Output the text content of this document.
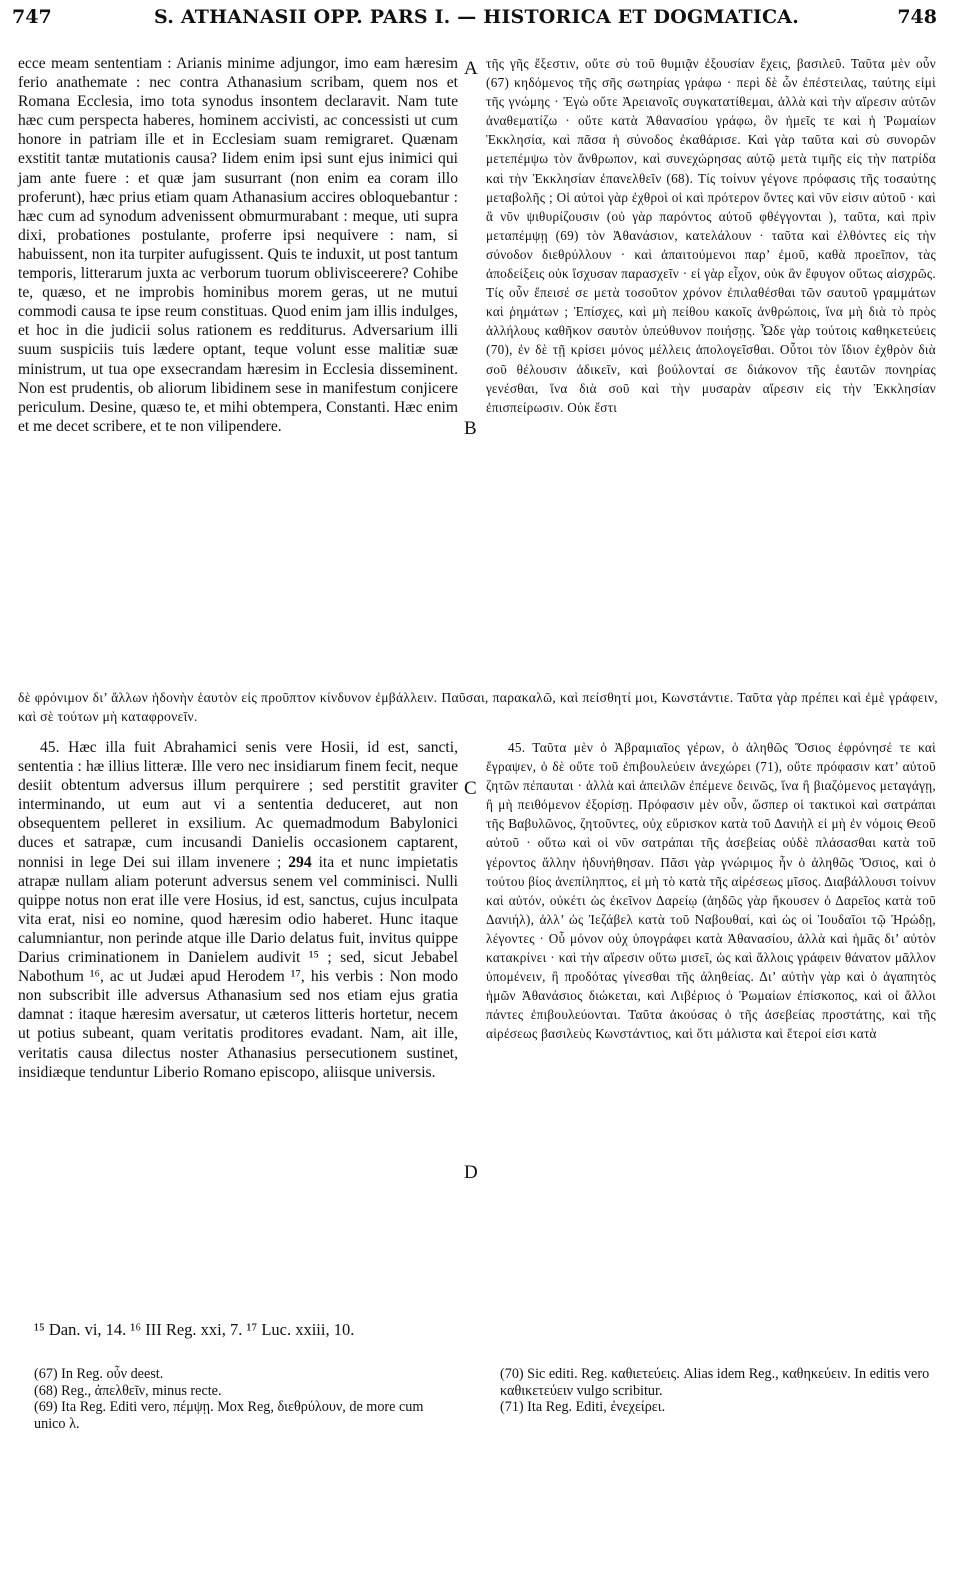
747	S. ATHANASII OPP. PARS I. — HISTORICA ET DOGMATICA.	748
A
B
C
D

ecce meam sententiam : Arianis minime adjungor, imo eam hæresim ferio anathemate : nec contra Athanasium scribam, quem nos et Romana Ecclesia, imo tota synodus insontem declaravit. Nam tute hæc cum perspecta haberes, hominem accivisti, ac concessisti ut cum honore in patriam ille et in Ecclesiam suam remigraret. Quænam exstitit tantæ mutationis causa? Iidem enim ipsi sunt ejus inimici qui jam ante fuere : et quæ jam susurrant (non enim ea coram illo proferunt), hæc prius etiam quam Athanasium accires obloquebantur : hæc cum ad synodum advenissent obmurmurabant : meque, uti supra dixi, probationes postulante, proferre ipsi nequivere : nam, si habuissent, non ita turpiter aufugissent. Quis te induxit, ut post tantum temporis, litterarum juxta ac verborum tuorum oblivisceerere? Cohibe te, quæso, et ne improbis hominibus morem geras, ut ne mutui commodi causa te ipse reum constituas. Quod enim jam illis indulges, et hoc in die judicii solus rationem es redditurus. Adversarium illi suum suspiciis tuis lædere optant, teque volunt esse malitiæ suæ ministrum, ut tua ope exsecrandam hæresim in Ecclesia disseminent. Non est prudentis, ob aliorum libidinem sese in manifestum conjicere periculum. Desine, quæso te, et mihi obtempera, Constanti. Hæc enim et me decet scribere, et te non vilipendere.

τῆς γῆς ἔξεστιν, οὔτε σὺ τοῦ θυμιᾷν ἐξουσίαν ἔχεις, βασιλεῦ. Ταῦτα μὲν οὖν (67) κηδόμενος τῆς σῆς σωτηρίας γράφω · περὶ δὲ ὧν ἐπέστειλας, ταύτης εἰμὶ τῆς γνώμης · Ἐγὼ οὔτε Ἀρειανοῖς συγκατατίθεμαι, ἀλλὰ καὶ τὴν αἵρεσιν αὐτῶν ἀναθεματίζω · οὔτε κατὰ Ἀθανασίου γράφω, ὃν ἡμεῖς τε καὶ ἡ Ῥωμαίων Ἐκκλησία, καὶ πᾶσα ἡ σύνοδος ἐκαθάρισε. Καὶ γὰρ ταῦτα καὶ σὺ συνορῶν μετεπέμψω τὸν ἄνθρωπον, καὶ συνεχώρησας αὐτῷ μετὰ τιμῆς εἰς τὴν πατρίδα καὶ τὴν Ἐκκλησίαν ἐπανελθεῖν (68). Τίς τοίνυν γέγονε πρόφασις τῆς τοσαύτης μεταβολῆς ; Οἱ αὐτοὶ γὰρ ἐχθροὶ οἱ καὶ πρότερον ὄντες καὶ νῦν εἰσιν αὐτοῦ · καὶ ἃ νῦν ψιθυρίζουσιν (οὐ γὰρ παρόντος αὐτοῦ φθέγγονται ), ταῦτα, καὶ πρὶν μεταπέμψῃ (69) τὸν Ἀθανάσιον, κατελάλουν · ταῦτα καὶ ἐλθόντες εἰς τὴν σύνοδον διεθρύλλουν · καὶ ἀπαιτούμενοι παρ’ ἐμοῦ, καθὰ προεῖπον, τὰς ἀποδείξεις οὐκ ἴσχυσαν παρασχεῖν · εἰ γὰρ εἶχον, οὐκ ἂν ἔφυγον οὕτως αἰσχρῶς. Τίς οὖν ἔπεισέ σε μετὰ τοσοῦτον χρόνον ἐπιλαθέσθαι τῶν σαυτοῦ γραμμάτων καὶ ῥημάτων ; Ἐπίσχες, καὶ μὴ πείθου κακοῖς ἀνθρώποις, ἵνα μὴ διὰ τὸ πρὸς ἀλλήλους καθῆκον σαυτὸν ὑπεύθυνον ποιήσῃς. Ὧδε γὰρ τούτοις καθηκετεύεις (70), ἐν δὲ τῇ κρίσει μόνος μέλλεις ἀπολογεῖσθαι. Οὗτοι τὸν ἴδιον ἐχθρὸν διὰ σοῦ θέλουσιν ἀδικεῖν, καὶ βούλονταί σε διάκονον τῆς ἑαυτῶν πονηρίας γενέσθαι, ἵνα διὰ σοῦ καὶ τὴν μυσαρὰν αἵρεσιν εἰς τὴν Ἐκκλησίαν ἐπισπείρωσιν. Οὐκ ἔστι

δὲ φρόνιμον δι’ ἄλλων ἡδονὴν ἑαυτὸν εἰς πρoῦπτον κίνδυνον ἐμβάλλειν. Παῦσαι, παρακαλῶ, καὶ πείσθητί μοι, Κωνστάντιε. Ταῦτα γὰρ πρέπει καὶ ἐμὲ γράφειν, καὶ σὲ τούτων μὴ καταφρονεῖν.

45. Hæc illa fuit Abrahamici senis vere Hosii, id est, sancti, sententia : hæ illius litteræ. Ille vero nec insidiarum finem fecit, neque desiit obtentum adversus illum perquirere ; sed perstitit graviter interminando, ut eum aut vi a sententia deduceret, aut non obsequentem pelleret in exsilium. Ac quemadmodum Babylonici duces et satrapæ, cum incusandi Danielis occasionem captarent, nonnisi in lege Dei sui illam invenere ; 294 ita et nunc impietatis atrapæ nullam aliam poterunt adversus senem vel comminisci. Nulli quippe notus non erat ille vere Hosius, id est, sanctus, cujus inculpata vita erat, nisi eo nomine, quod hæresim odio haberet. Hunc itaque calumniantur, non perinde atque ille Dario delatus fuit, invitus quippe Darius criminationem in Danielem audivit ¹⁵ ; sed, sicut Jebabel Nabothum ¹⁶, ac ut Judæi apud Herodem ¹⁷, his verbis : Non modo non subscribit ille adversus Athanasium sed nos etiam ejus gratia damnat : itaque hæresim aversatur, ut cæteros litteris hortetur, necem ut potius subeant, quam veritatis proditores evadant. Nam, ait ille, veritatis causa dilectus noster Athanasius persecutionem sustinet, insidiæque tenduntur Liberio Romano episcopo, aliisque universis.

45. Ταῦτα μὲν ὁ Ἀβραμιαῖος γέρων, ὁ ἀληθῶς Ὅσιος ἐφρόνησέ τε καὶ ἔγραψεν, ὁ δὲ οὔτε τοῦ ἐπιβουλεύειν ἀνεχώρει (71), οὔτε πρόφασιν κατ’ αὐτοῦ ζητῶν πέπαυται · ἀλλὰ καὶ ἀπειλῶν ἐπέμενε δεινῶς, ἵνα ἢ βιαζόμενος μεταγάγῃ, ἢ μὴ πειθόμενον ἐξορίσῃ. Πρόφασιν μὲν οὖν, ὥσπερ οἱ τακτικοὶ καὶ σατράπαι τῆς Βαβυλῶνος, ζητοῦντες, οὐχ εὕρισκον κατὰ τοῦ Δανιὴλ εἰ μὴ ἐν νόμοις Θεοῦ αὐτοῦ · οὕτω καὶ οἱ νῦν σατράπαι τῆς ἀσεβείας οὐδὲ πλάσασθαι κατὰ τοῦ γέροντος ἄλλην ἠδυνήθησαν. Πᾶσι γὰρ γνώριμος ἦν ὁ ἀληθῶς Ὅσιος, καὶ ὁ τούτου βίος ἀνεπίληπτος, εἰ μὴ τὸ κατὰ τῆς αἱρέσεως μῖσος. Διαβάλλουσι τοίνυν καὶ αὐτόν, οὐκέτι ὡς ἐκεῖνον Δαρείῳ (ἀηδῶς γὰρ ἤκουσεν ὁ Δαρεῖος κατὰ τοῦ Δανιήλ), ἀλλ’ ὡς Ἰεζάβελ κατὰ τοῦ Ναβουθαί, καὶ ὡς οἱ Ἰουδαῖοι τῷ Ἡρώδῃ, λέγοντες · Οὗ μόνον οὐχ ὑπογράφει κατὰ Ἀθανασίου, ἀλλὰ καὶ ἡμᾶς δι’ αὐτὸν κατακρίνει · καὶ τὴν αἵρεσιν οὕτω μισεῖ, ὡς καὶ ἄλλοις γράφειν θάνατον μᾶλλον ὑπομένειν, ἢ προδότας γίνεσθαι τῆς ἀληθείας. Δι’ αὐτὴν γὰρ καὶ ὁ ἀγαπητὸς ἡμῶν Ἀθανάσιος διώκεται, καὶ Λιβέριος ὁ Ῥωμαίων ἐπίσκοπος, καὶ οἱ ἄλλοι πάντες ἐπιβουλεύονται. Ταῦτα ἀκούσας ὁ τῆς ἀσεβείας προστάτης, καὶ τῆς αἱρέσεως βασιλεὺς Κωνστάντιος, καὶ ὅτι μάλιστα καὶ ἕτεροί εἰσι κατὰ

¹⁵ Dan. vi, 14. ¹⁶ III Reg. xxi, 7. ¹⁷ Luc. xxiii, 10.

(67) In Reg. οὖν deest.

(68) Reg., ἀπελθεῖν, minus recte.

(69) Ita Reg. Editi vero, πέμψῃ. Mox Reg, διεθρύλουν, de more cum unico λ.

(70) Sic editi. Reg. καθιετεύεις. Alias idem Reg., καθηκεύειν. In editis vero καθικετεύειν vulgo scribitur.

(71) Ita Reg. Editi, ἐνεχείρει.
